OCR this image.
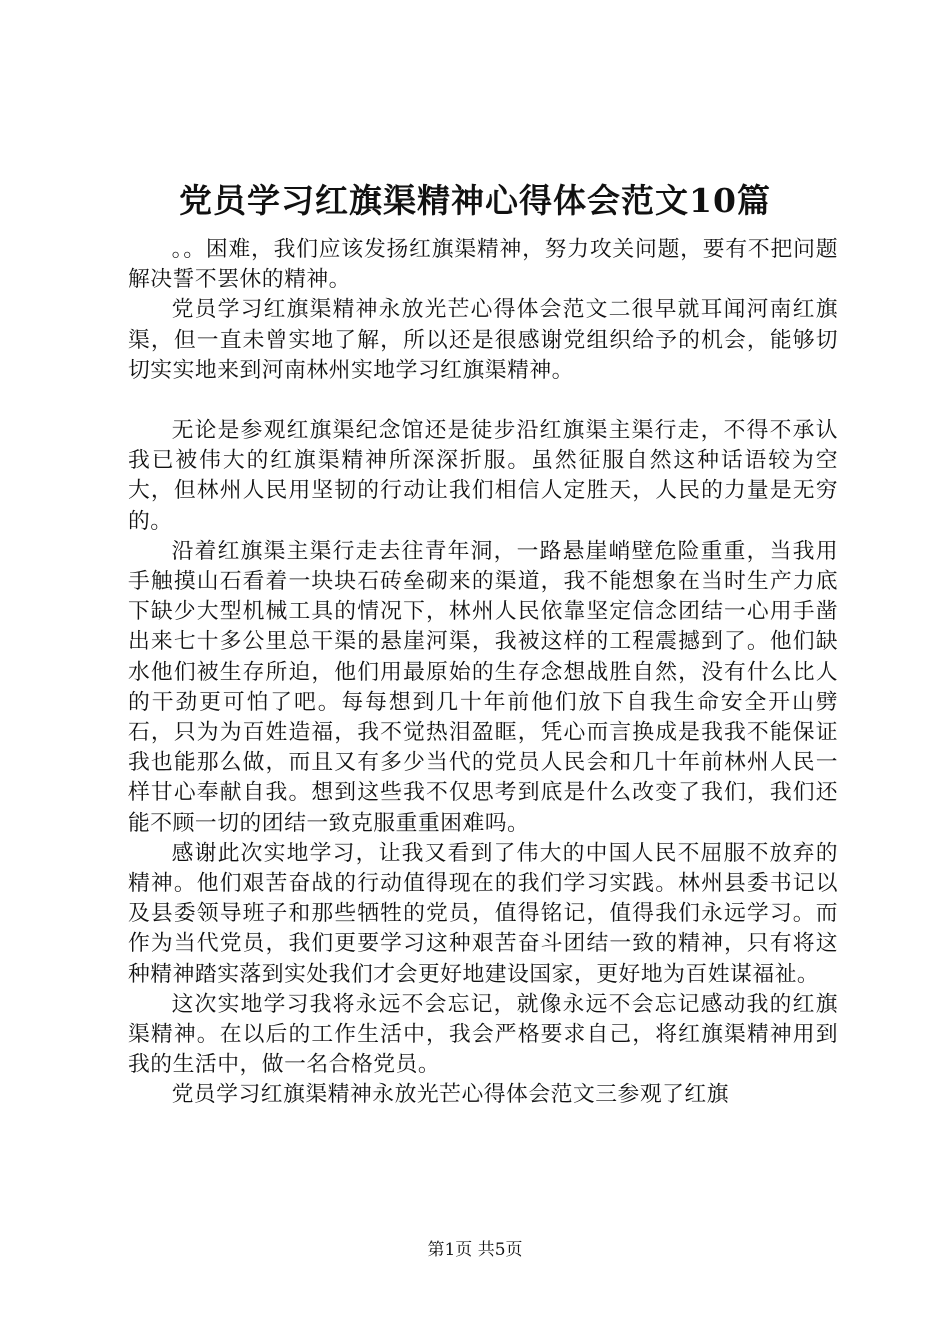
党员学习红旗渠精神心得体会范文10篇

。。困难，我们应该发扬红旗渠精神，努力攻关问题，要有不把问题解决誓不罢休的精神。

党员学习红旗渠精神永放光芒心得体会范文二很早就耳闻河南红旗渠，但一直未曾实地了解，所以还是很感谢党组织给予的机会，能够切切实实地来到河南林州实地学习红旗渠精神。

无论是参观红旗渠纪念馆还是徒步沿红旗渠主渠行走，不得不承认我已被伟大的红旗渠精神所深深折服。虽然征服自然这种话语较为空大，但林州人民用坚韧的行动让我们相信人定胜天，人民的力量是无穷的。

沿着红旗渠主渠行走去往青年洞，一路悬崖峭壁危险重重，当我用手触摸山石看着一块块石砖垒砌来的渠道，我不能想象在当时生产力底下缺少大型机械工具的情况下，林州人民依靠坚定信念团结一心用手凿出来七十多公里总干渠的悬崖河渠，我被这样的工程震撼到了。他们缺水他们被生存所迫，他们用最原始的生存念想战胜自然，没有什么比人的干劲更可怕了吧。每每想到几十年前他们放下自我生命安全开山劈石，只为为百姓造福，我不觉热泪盈眶，凭心而言换成是我我不能保证我也能那么做，而且又有多少当代的党员人民会和几十年前林州人民一样甘心奉献自我。想到这些我不仅思考到底是什么改变了我们，我们还能不顾一切的团结一致克服重重困难吗。

感谢此次实地学习，让我又看到了伟大的中国人民不屈服不放弃的精神。他们艰苦奋战的行动值得现在的我们学习实践。林州县委书记以及县委领导班子和那些牺牲的党员，值得铭记，值得我们永远学习。而作为当代党员，我们更要学习这种艰苦奋斗团结一致的精神，只有将这种精神踏实落到实处我们才会更好地建设国家，更好地为百姓谋福祉。

这次实地学习我将永远不会忘记，就像永远不会忘记感动我的红旗渠精神。在以后的工作生活中，我会严格要求自己，将红旗渠精神用到我的生活中，做一名合格党员。

党员学习红旗渠精神永放光芒心得体会范文三参观了红旗

第1页 共5页
